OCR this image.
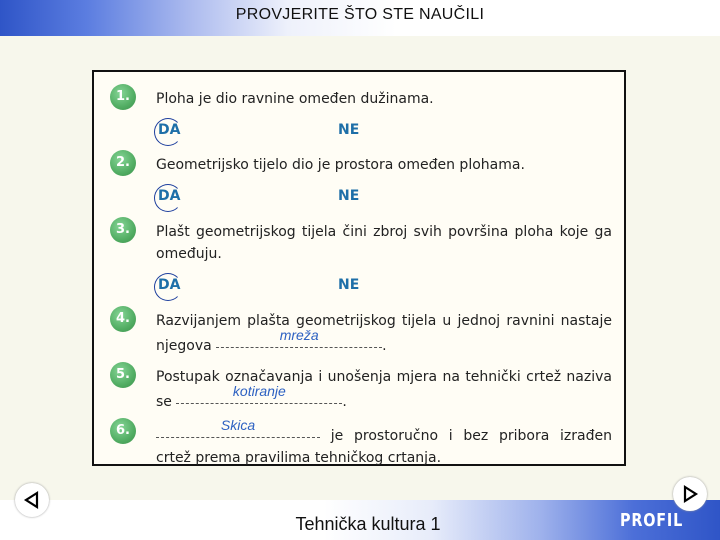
PROVJERITE ŠTO STE NAUČILI
1.	Ploha je dio ravnine omeđen dužinama.
DA	NE
2.	Geometrijsko tijelo dio je prostora omeđen plohama.
DA	NE
3.	Plašt geometrijskog tijela čini zbroj svih površina ploha koje ga omeđuju.
DA	NE
4.	Razvijanjem plašta geometrijskog tijela u jednoj ravnini nastaje njegova
mreža
.
5.	Postupak označavanja i unošenja mjera na tehnički crtež naziva se
kotiranje
.
6.	Skica
je prostoručno i bez pribora izrađen crtež prema pravilima tehničkog crtanja.
Tehnička kultura 1	PROFIL
